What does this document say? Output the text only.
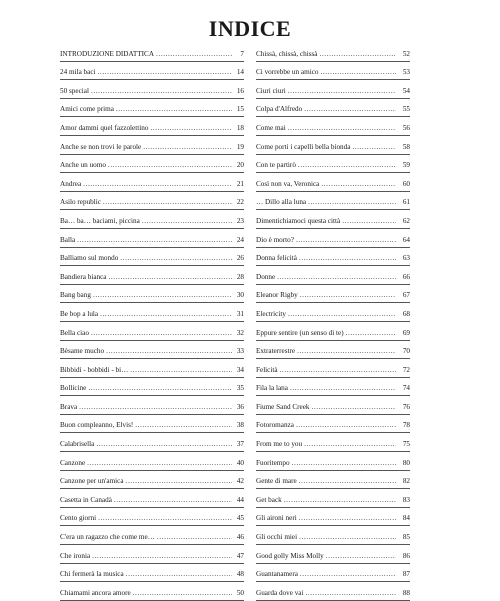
INDICE
INTRODUZIONE DIDATTICA .....	7
24 mila baci .....	14
50 special .....	16
Amici come prima .....	15
Amor dammi quel fazzolettino .....	18
Anche se non trovi le parole .....	19
Anche un uomo .....	20
Andrea .....	21
Asilo republic .....	22
Ba… ba… baciami, piccina .....	23
Balla .....	24
Balliamo sul mondo .....	26
Bandiera bianca .....	28
Bang bang .....	30
Be bop a lula .....	31
Bella ciao .....	32
Bèsame mucho .....	33
Bibbidi - bobbidi - bi… .....	34
Bollicine .....	35
Brava .....	36
Buon compleanno, Elvis! .....	38
Calabrisella .....	37
Canzone .....	40
Canzone per un'amica .....	42
Casetta in Canadà .....	44
Cento giorni .....	45
C'era un ragazzo che come me… .....	46
Che ironia .....	47
Chi fermerà la musica .....	48
Chiamami ancora amore .....	50
Chissà, chissà, chissà .....	52
Ci vorrebbe un amico .....	53
Ciuri ciuri .....	54
Colpa d'Alfredo .....	55
Come mai .....	56
Come porti i capelli bella bionda .....	58
Con te partirò .....	59
Così non va, Veronica .....	60
… Dillo alla luna .....	61
Dimentichiamoci questa città .....	62
Dio è morto? .....	64
Donna felicità .....	63
Donne .....	66
Eleanor Rigby .....	67
Electricity .....	68
Eppure sentire (un senso di te) .....	69
Extraterrestre .....	70
Felicità .....	72
Fila la lana .....	74
Fiume Sand Creek .....	76
Fotoromanza .....	78
From me to you .....	75
Fuoritempo .....	80
Gente di mare .....	82
Get back .....	83
Gli aironi neri .....	84
Gli occhi miei .....	85
Good golly Miss Molly .....	86
Guantanamera .....	87
Guarda dove vai .....	88
